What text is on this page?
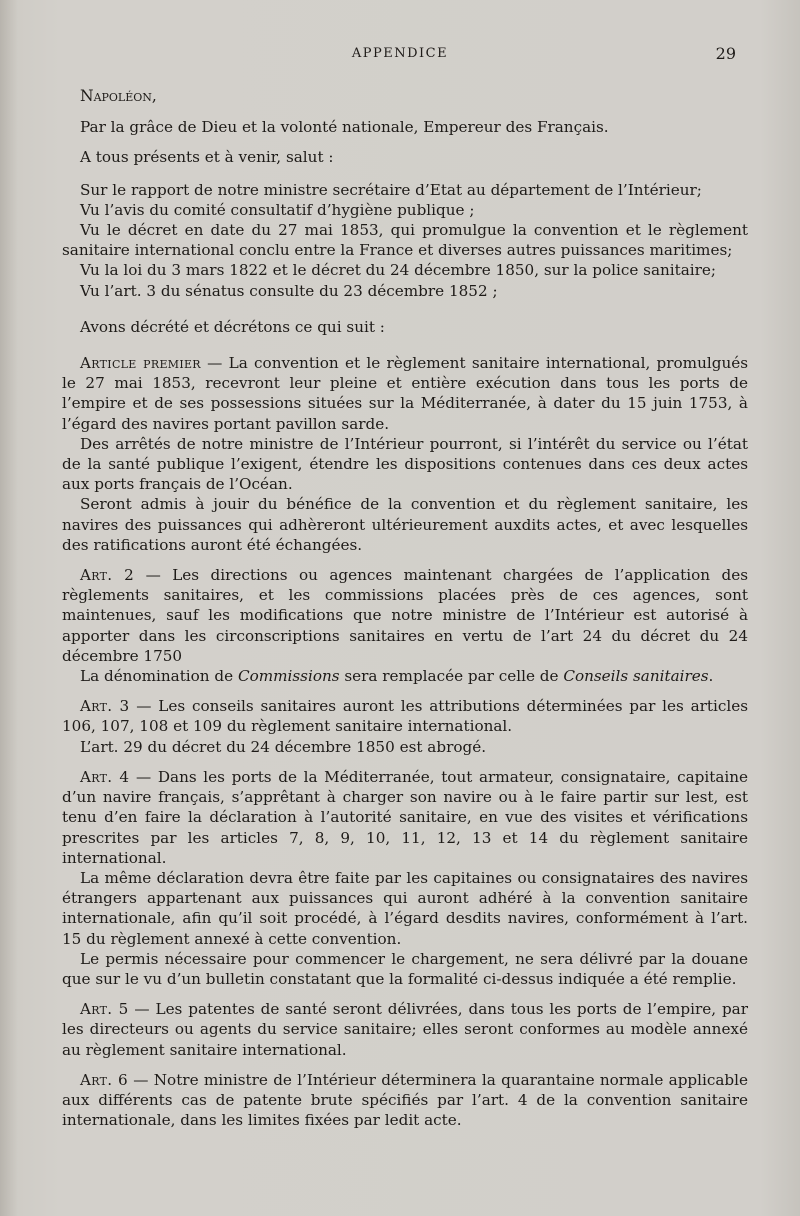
APPENDICE	29

Napoléon,

Par la grâce de Dieu et la volonté nationale, Empereur des Français.

A tous présents et à venir, salut :

Sur le rapport de notre ministre secrétaire d’Etat au département de l’Intérieur;

Vu l’avis du comité consultatif d’hygiène publique ;

Vu le décret en date du 27 mai 1853, qui promulgue la convention et le règlement sanitaire international conclu entre la France et diverses autres puissances maritimes;

Vu la loi du 3 mars 1822 et le décret du 24 décembre 1850, sur la police sanitaire;

Vu l’art. 3 du sénatus consulte du 23 décembre 1852 ;

Avons décrété et décrétons ce qui suit :

Article premier — La convention et le règlement sanitaire international, promulgués le 27 mai 1853, recevront leur pleine et entière exécution dans tous les ports de l’empire et de ses possessions situées sur la Méditerranée, à dater du 15 juin 1753, à l’égard des navires portant pavillon sarde.

Des arrêtés de notre ministre de l’Intérieur pourront, si l’intérêt du service ou l’état de la santé publique l’exigent, étendre les dispositions contenues dans ces deux actes aux ports français de l’Océan.

Seront admis à jouir du bénéfice de la convention et du règlement sanitaire, les navires des puissances qui adhèreront ultérieurement auxdits actes, et avec lesquelles des ratifications auront été échangées.

Art. 2 — Les directions ou agences maintenant chargées de l’application des règlements sanitaires, et les commissions placées près de ces agences, sont maintenues, sauf les modifications que notre ministre de l’Intérieur est autorisé à apporter dans les circonscriptions sanitaires en vertu de l’art 24 du décret du 24 décembre 1750

La dénomination de Commissions sera remplacée par celle de Conseils sanitaires.

Art. 3 — Les conseils sanitaires auront les attributions déterminées par les articles 106, 107, 108 et 109 du règlement sanitaire international.

L’art. 29 du décret du 24 décembre 1850 est abrogé.

Art. 4 — Dans les ports de la Méditerranée, tout armateur, consignataire, capitaine d’un navire français, s’apprêtant à charger son navire ou à le faire partir sur lest, est tenu d’en faire la déclaration à l’autorité sanitaire, en vue des visites et vérifications prescrites par les articles 7, 8, 9, 10, 11, 12, 13 et 14 du règlement sanitaire international.

La même déclaration devra être faite par les capitaines ou consignataires des navires étrangers appartenant aux puissances qui auront adhéré à la convention sanitaire internationale, afin qu’il soit procédé, à l’égard desdits navires, conformément à l’art. 15 du règlement annexé à cette convention.

Le permis nécessaire pour commencer le chargement, ne sera délivré par la douane que sur le vu d’un bulletin constatant que la formalité ci-dessus indiquée a été remplie.

Art. 5 — Les patentes de santé seront délivrées, dans tous les ports de l’empire, par les directeurs ou agents du service sanitaire; elles seront conformes au modèle annexé au règlement sanitaire international.

Art. 6 — Notre ministre de l’Intérieur déterminera la quarantaine normale applicable aux différents cas de patente brute spécifiés par l’art. 4 de la convention sanitaire internationale, dans les limites fixées par ledit acte.
